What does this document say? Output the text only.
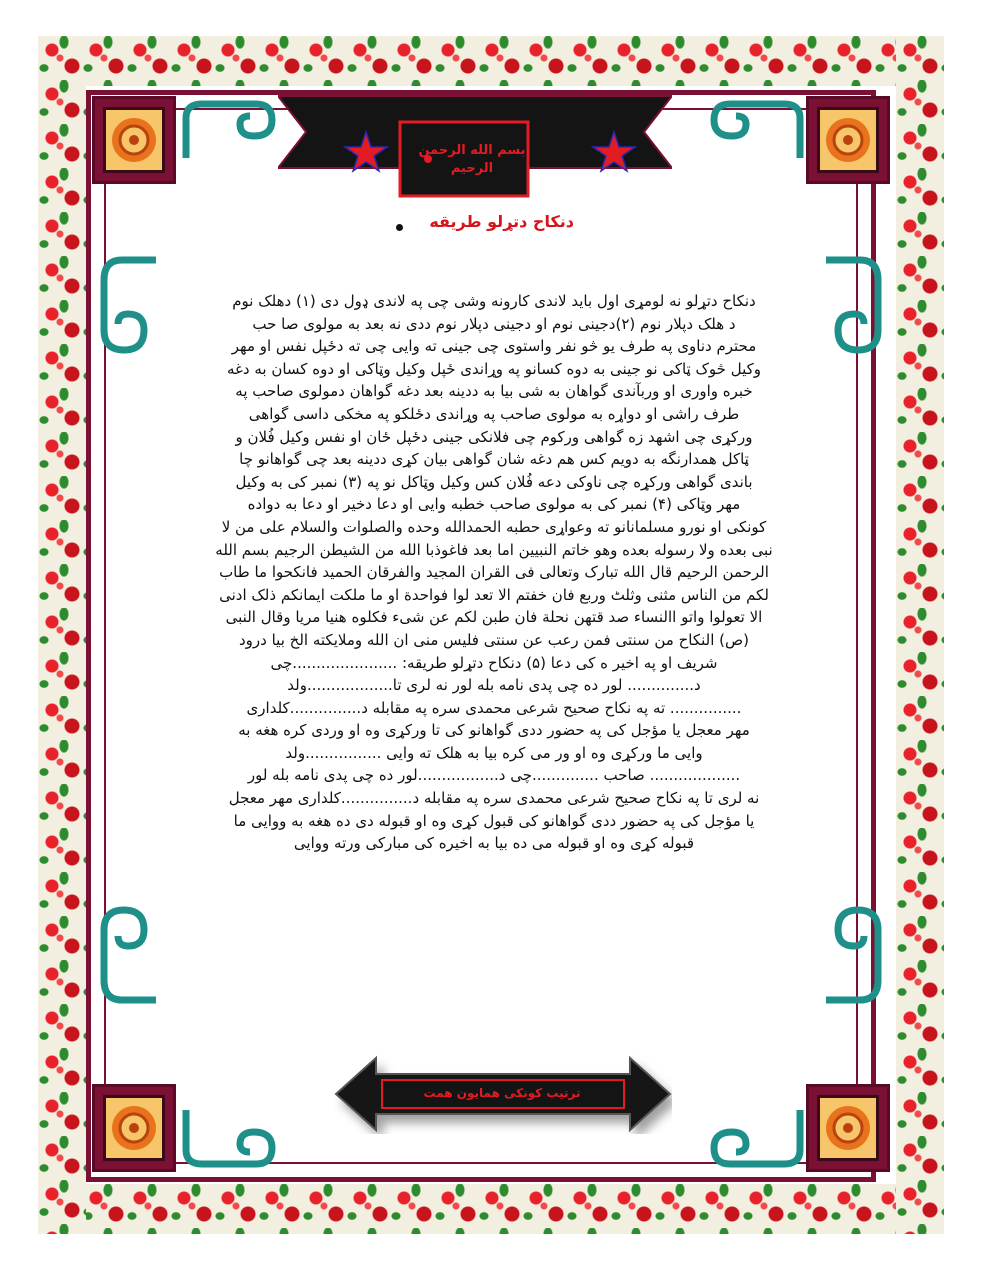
بسم الله الرحمن الرحیم
دنکاح دتړلو طریقه
دنکاح دتړلو نه لومړی اول باید لاندی کارونه وشی چی په لاندی ډول دی (۱) دهلک نوم
د هلک دپلار نوم (۲)دجینی نوم او دجینی دپلار نوم ددی نه بعد به مولوی صا حب
محترم دناوی په طرف یو څو نفر واستوی چی جینی ته وایی چی ته دځپل نفس او مهر
وکیل څوک ټاکی نو جینی به دوه کسانو په وړاندی ځپل وکیل وټاکی او دوه کسان به دغه
خبره واوری او وربآندی گواهان به شی بیا به ددینه بعد دغه گواهان دمولوی صاحب په
طرف راشی او دواړه به مولوی صاحب په وړاندی دځلکو په مخکی داسی گواهی
ورکړی چی اشهد زه گواهی ورکوم چی فلانکی جینی دځپل ځان او نفس وکیل فُلان و
ټاکل همدارنگه به دویم کس هم دغه شان گواهی بیان کړی ددینه بعد چی گواهانو چا
باندی گواهی ورکړه چی ناوکی دعه فُلان کس وکیل وټاکل نو په (۳) نمبر کی به وکیل
مهر وټاکی (۴) نمبر کی به مولوی صاحب خطبه وایی او دعا دخیر او دعا به دواده
کونکی او نورو مسلمانانو ته وعواړی حطبه الحمدالله وحده والصلوات والسلام علی من لا
نبی بعده ولا رسوله بعده وهو خاتم النبیین اما بعد فاغوذبا الله من الشیطن الرجیم بسم الله
الرحمن الرحیم قال الله تبارک وتعالی فی القران المجید والفرقان الحمید فانکحوا ما طاب
لکم من الناس مثنی وثلٹ وربع فان خفتم الا تعد لوا فواحدة او ما ملکت ایمانکم ذلک ادنی
الا تعولوا واتو االنساء صد قتهن نحلة فان طبن لکم عن شیء فکلوه هنیا مریا وقال النبی
(ص) النکاح من سنتی فمن رعب عن سنتی فلیس منی ان الله وملایکته الخ بیا درود
شریف او په اخیر ه کی دعا (۵) دنکاح دتړلو طریقه: ......................چی
د.............. لور ده چی پدی نامه بله لور نه لری تا..................ولد
............... ته په نکاح صحیح شرعی محمدی سره په مقابله د...............کلداری
مهر معجل یا مؤجل کی په حضور ددی گواهانو کی تا ورکړی وه او وردی کره هغه به
وایی ما ورکړی وه او ور می کره بیا به هلک ته وایی ................ولد
................... صاحب ..............چی د.................لور ده چی پدی نامه بله لور
نه لری تا په نکاح صحیح شرعی محمدی سره په مقابله د...............کلداری مهر معجل
یا مؤجل کی په حضور ددی گواهانو کی قبول کړی وه او قبوله دی ده هغه به ووایی ما
قبوله کړی وه او قبوله می ده بیا به اخیره کی مبارکی ورته ووایی
ترتیب کونکی همایون همت
